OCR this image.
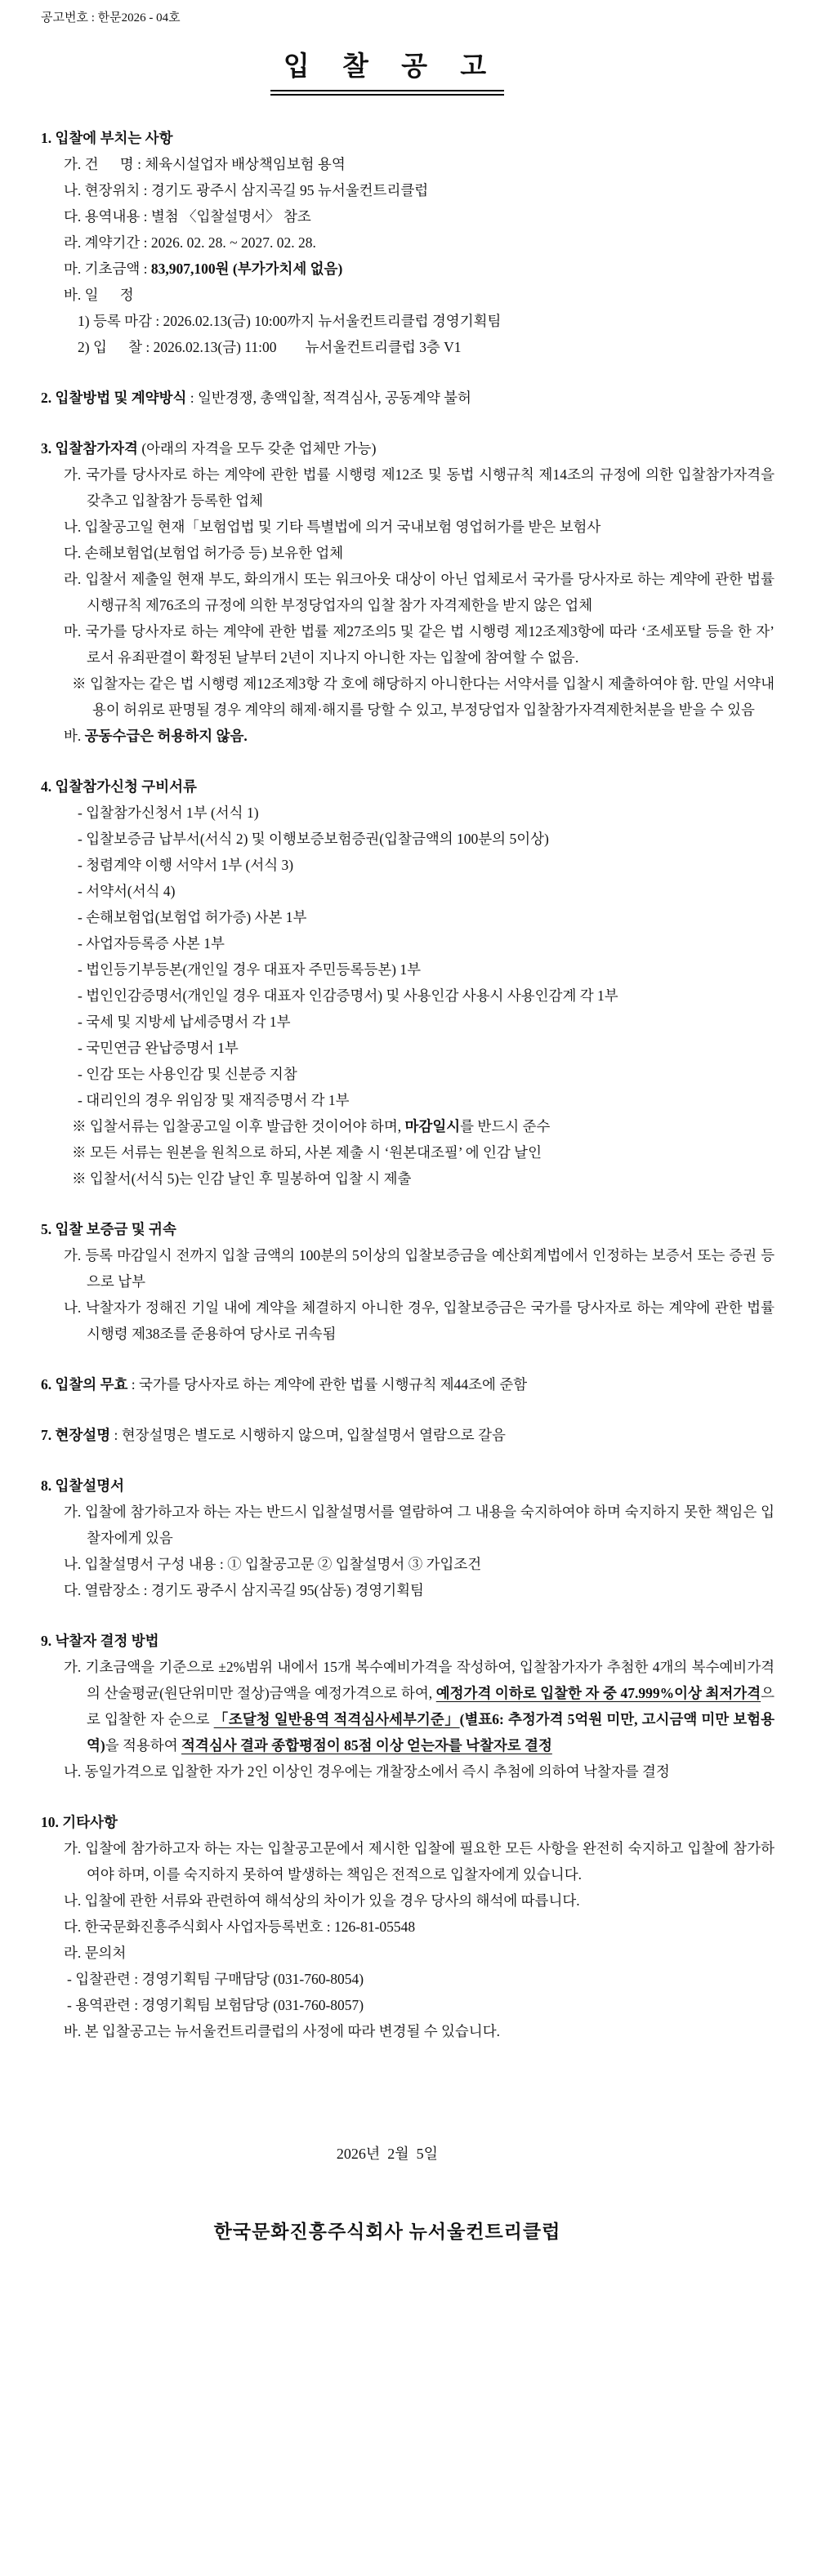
공고번호 : 한문2026 - 04호

입 찰 공 고

1. 입찰에 부치는 사항

가. 건      명 : 체육시설업자 배상책임보험 용역

나. 현장위치 : 경기도 광주시 삼지곡길 95 뉴서울컨트리클럽

다. 용역내용 : 별첨 〈입찰설명서〉 참조

라. 계약기간 : 2026. 02. 28. ~ 2027. 02. 28.

마. 기초금액 : 83,907,100원 (부가가치세 없음)

바. 일      정

1) 등록 마감 : 2026.02.13(금) 10:00까지 뉴서울컨트리클럽 경영기획팀

2) 입      찰 : 2026.02.13(금) 11:00        뉴서울컨트리클럽 3층 V1

2. 입찰방법 및 계약방식 : 일반경쟁, 총액입찰, 적격심사, 공동계약 불허

3. 입찰참가자격 (아래의 자격을 모두 갖춘 업체만 가능)

가. 국가를 당사자로 하는 계약에 관한 법률 시행령 제12조 및 동법 시행규칙 제14조의 규정에 의한 입찰참가자격을 갖추고 입찰참가 등록한 업체

나. 입찰공고일 현재「보험업법 및 기타 특별법에 의거 국내보험 영업허가를 받은 보험사

다. 손해보험업(보험업 허가증 등) 보유한 업체

라. 입찰서 제출일 현재 부도, 화의개시 또는 워크아웃 대상이 아닌 업체로서 국가를 당사자로 하는 계약에 관한 법률 시행규칙 제76조의 규정에 의한 부정당업자의 입찰 참가 자격제한을 받지 않은 업체

마. 국가를 당사자로 하는 계약에 관한 법률 제27조의5 및 같은 법 시행령 제12조제3항에 따라 ‘조세포탈 등을 한 자’ 로서 유죄판결이 확정된 날부터 2년이 지나지 아니한 자는 입찰에 참여할 수 없음.

※ 입찰자는 같은 법 시행령 제12조제3항 각 호에 해당하지 아니한다는 서약서를 입찰시 제출하여야 함. 만일 서약내용이 허위로 판명될 경우 계약의 해제·해지를 당할 수 있고, 부정당업자 입찰참가자격제한처분을 받을 수 있음

바. 공동수급은 허용하지 않음.

4. 입찰참가신청 구비서류

- 입찰참가신청서 1부 (서식 1)

- 입찰보증금 납부서(서식 2) 및 이행보증보험증권(입찰금액의 100분의 5이상)

- 청렴계약 이행 서약서 1부 (서식 3)

- 서약서(서식 4)

- 손해보험업(보험업 허가증) 사본 1부

- 사업자등록증 사본 1부

- 법인등기부등본(개인일 경우 대표자 주민등록등본) 1부

- 법인인감증명서(개인일 경우 대표자 인감증명서) 및 사용인감 사용시 사용인감계 각 1부

- 국세 및 지방세 납세증명서 각 1부

- 국민연금 완납증명서 1부

- 인감 또는 사용인감 및 신분증 지참

- 대리인의 경우 위임장 및 재직증명서 각 1부

※ 입찰서류는 입찰공고일 이후 발급한 것이어야 하며, 마감일시를 반드시 준수

※ 모든 서류는 원본을 원칙으로 하되, 사본 제출 시 ‘원본대조필’ 에 인감 날인

※ 입찰서(서식 5)는 인감 날인 후 밀봉하여 입찰 시 제출

5. 입찰 보증금 및 귀속

가. 등록 마감일시 전까지 입찰 금액의 100분의 5이상의 입찰보증금을 예산회계법에서 인정하는 보증서 또는 증권 등으로 납부

나. 낙찰자가 정해진 기일 내에 계약을 체결하지 아니한 경우, 입찰보증금은 국가를 당사자로 하는 계약에 관한 법률 시행령 제38조를 준용하여 당사로 귀속됨

6. 입찰의 무효 : 국가를 당사자로 하는 계약에 관한 법률 시행규칙 제44조에 준함

7. 현장설명 : 현장설명은 별도로 시행하지 않으며, 입찰설명서 열람으로 갈음

8. 입찰설명서

가. 입찰에 참가하고자 하는 자는 반드시 입찰설명서를 열람하여 그 내용을 숙지하여야 하며 숙지하지 못한 책임은 입찰자에게 있음

나. 입찰설명서 구성 내용 : ① 입찰공고문 ② 입찰설명서 ③ 가입조건

다. 열람장소 : 경기도 광주시 삼지곡길 95(삼동) 경영기획팀

9. 낙찰자 결정 방법

가. 기초금액을 기준으로 ±2%범위 내에서 15개 복수예비가격을 작성하여, 입찰참가자가 추첨한 4개의 복수예비가격의 산술평균(원단위미만 절상)금액을 예정가격으로 하여, 예정가격 이하로 입찰한 자 중 47.999%이상 최저가격으로 입찰한 자 순으로 「조달청 일반용역 적격심사세부기준」(별표6: 추정가격 5억원 미만, 고시금액 미만 보험용역)을 적용하여 적격심사 결과 종합평점이 85점 이상 얻는자를 낙찰자로 결정

나. 동일가격으로 입찰한 자가 2인 이상인 경우에는 개찰장소에서 즉시 추첨에 의하여 낙찰자를 결정

10. 기타사항

가. 입찰에 참가하고자 하는 자는 입찰공고문에서 제시한 입찰에 필요한 모든 사항을 완전히 숙지하고 입찰에 참가하여야 하며, 이를 숙지하지 못하여 발생하는 책임은 전적으로 입찰자에게 있습니다.

나. 입찰에 관한 서류와 관련하여 해석상의 차이가 있을 경우 당사의 해석에 따릅니다.

다. 한국문화진흥주식회사 사업자등록번호 : 126-81-05548

라. 문의처

- 입찰관련 : 경영기획팀 구매담당 (031-760-8054)

- 용역관련 : 경영기획팀 보험담당 (031-760-8057)

바. 본 입찰공고는 뉴서울컨트리클럽의 사정에 따라 변경될 수 있습니다.

2026년  2월  5일

한국문화진흥주식회사 뉴서울컨트리클럽
